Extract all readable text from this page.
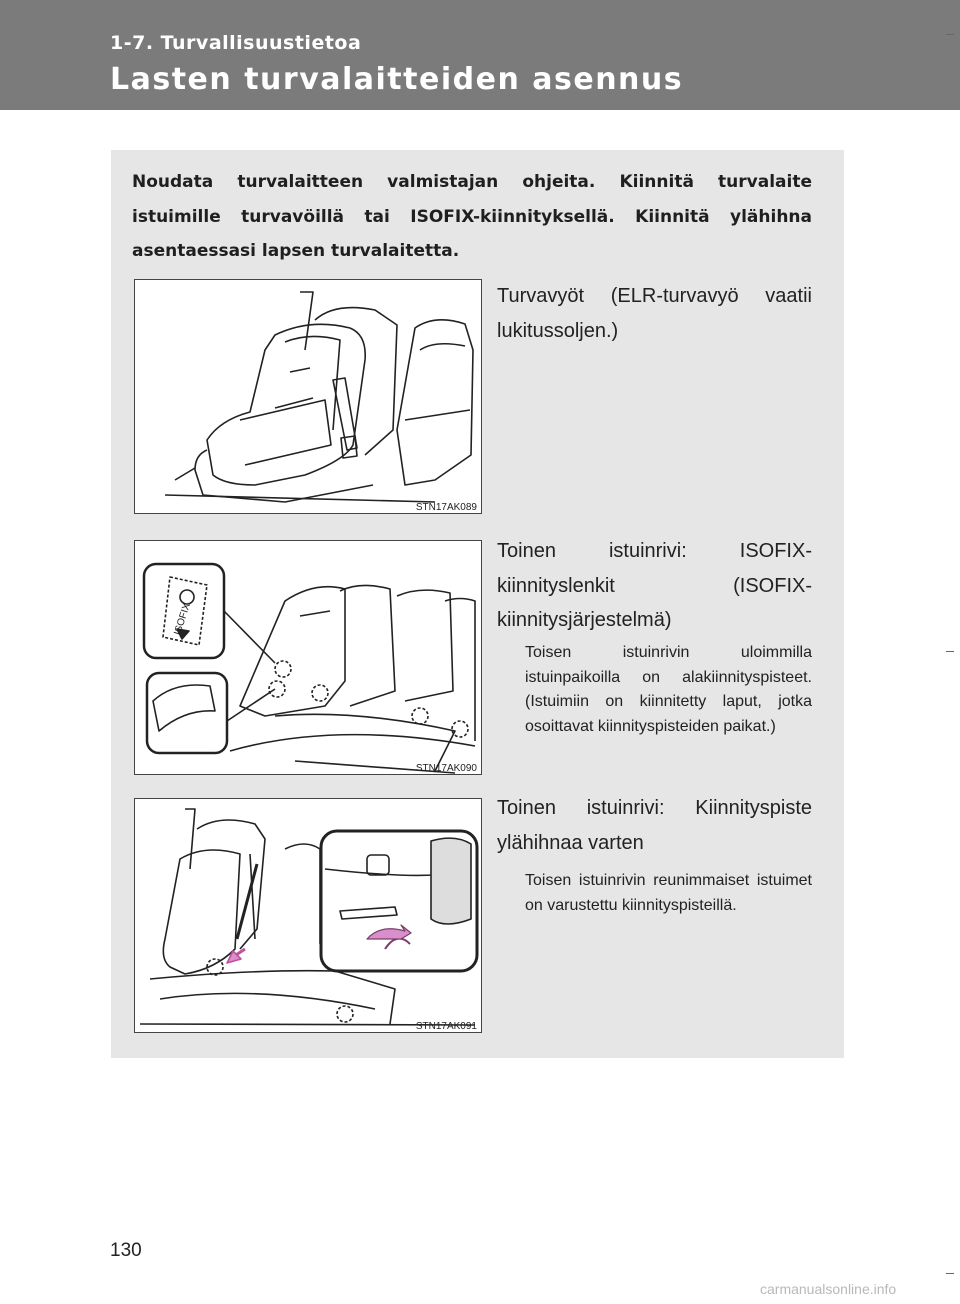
1-7. Turvallisuustietoa
Lasten turvalaitteiden asennus
Noudata turvalaitteen valmistajan ohjeita. Kiinnitä turvalaite istuimille turvavöillä tai ISOFIX-kiinnityksellä. Kiinnitä ylähihna asentaessasi lapsen turvalaitetta.
STN17AK089
Turvavyöt (ELR-turvavyö vaatii lukitussoljen.)
ISOFIX
STN17AK090
Toinen istuinrivi: ISOFIX-kiinnityslenkit (ISOFIX-kiinnitysjärjestelmä)
Toisen istuinrivin uloimmilla istuinpaikoilla on alakiinnityspisteet. (Istuimiin on kiinnitetty laput, jotka osoittavat kiinnityspisteiden paikat.)
STN17AK091
Toinen istuinrivi: Kiinnityspiste ylähihnaa varten
Toisen istuinrivin reunimmaiset istuimet on varustettu kiinnityspisteillä.
130
carmanualsonline.info
